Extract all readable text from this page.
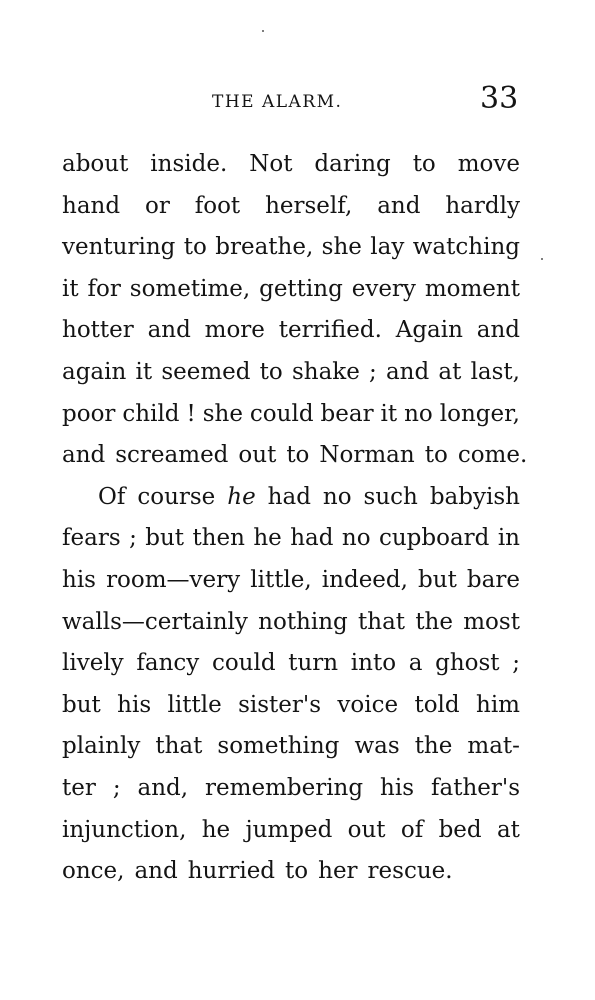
THE ALARM.	33
about inside. Not daring to move
hand or foot herself, and hardly
venturing to breathe, she lay watching
it for sometime, getting every moment
hotter and more terrified. Again and
again it seemed to shake ; and at last,
poor child ! she could bear it no longer,
and screamed out to Norman to come.
Of course he had no such babyish
fears ; but then he had no cupboard in
his room—very little, indeed, but bare
walls—certainly nothing that the most
lively fancy could turn into a ghost ;
but his little sister's voice told him
plainly that something was the mat-
ter ; and, remembering his father's
injunction, he jumped out of bed at
once, and hurried to her rescue.
